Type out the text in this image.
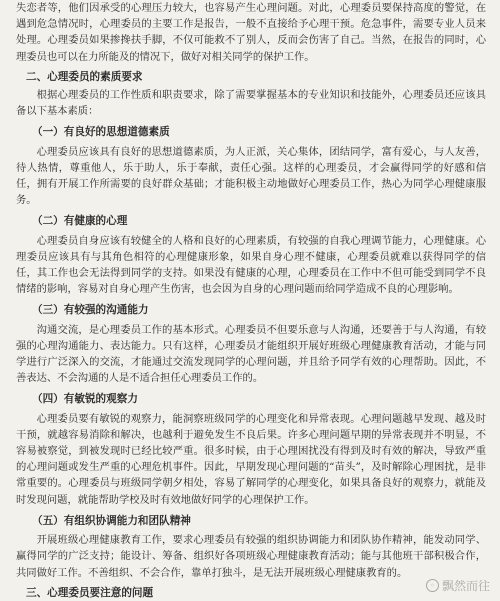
失恋者等，他们因承受的心理压力较大，也容易产生心理问题。对此，心理委员要保持高度的警觉，在遇到危急情况时，心理委员的主要工作是报告，一般不直接给予心理干预。危急事件，需要专业人员来处理。心理委员如果掺搀扶手脚，不仅可能救不了别人，反而会伤害了自己。当然，在报告的同时，心理委员也可以在力所能及的情况下，做好对相关同学的保护工作。

二、心理委员的素质要求

根据心理委员的工作性质和职责要求，除了需要掌握基本的专业知识和技能外，心理委员还应该具备以下基本素质：

（一）有良好的思想道德素质

心理委员应该具有良好的思想道德素质，为人正派，关心集体，团结同学，富有爱心，与人友善，待人热情，尊重他人，乐于助人，乐于奉献，责任心强。这样的心理委员，才会赢得同学的好感和信任，拥有开展工作所需要的良好群众基础；才能积极主动地做好心理委员工作，热心为同学心理健康服务。

（二）有健康的心理

心理委员自身应该有较健全的人格和良好的心理素质，有较强的自我心理调节能力，心理健康。心理委员应该具有与其角色相符的心理健康形象，如果自身心理不健康，心理委员就难以获得同学的信任，其工作也会无法得到同学的支持。如果没有健康的心理，心理委员在工作中不但可能受到同学不良情绪的影响，容易对自身心理产生伤害，也会因为自身的心理问题而给同学造成不良的心理影响。

（三）有较强的沟通能力

沟通交流，是心理委员工作的基本形式。心理委员不但要乐意与人沟通，还要善于与人沟通，有较强的心理沟通能力、表达能力。只有这样，心理委员才能组织开展好班级心理健康教育活动，才能与同学进行广泛深入的交流，才能通过交流发现同学的心理问题，并且给予同学有效的心理帮助。因此，不善表达、不会沟通的人是不适合担任心理委员工作的。

（四）有敏锐的观察力

心理委员要有敏锐的观察力，能洞察班级同学的心理变化和异常表现。心理问题越早发现、越及时干预，就越容易消除和解决，也越利于避免发生不良后果。许多心理问题早期的异常表现并不明显，不容易被察觉，到被发现时已经比较严重。很多时候，由于心理困扰没有得到及时有效的解决，导致严重的心理问题或发生严重的心理危机事件。因此，早期发现心理问题的“苗头”，及时解除心理困扰，是非常重要的。心理委员与班级同学朝夕相处，容易了解同学的心理变化，如果具备良好的观察力，就能及时发现问题，就能帮助学校及时有效地做好同学的心理保护工作。

（五）有组织协调能力和团队精神

开展班级心理健康教育工作，要求心理委员有较强的组织协调能力和团队协作精神，能发动同学、赢得同学的广泛支持；能设计、筹备、组织好各项班级心理健康教育活动；能与其他班干部积极合作，共同做好工作。不善组织、不会合作，靠单打独斗，是无法开展班级心理健康教育的。

三、心理委员要注意的问题
◦ 飘然而往
